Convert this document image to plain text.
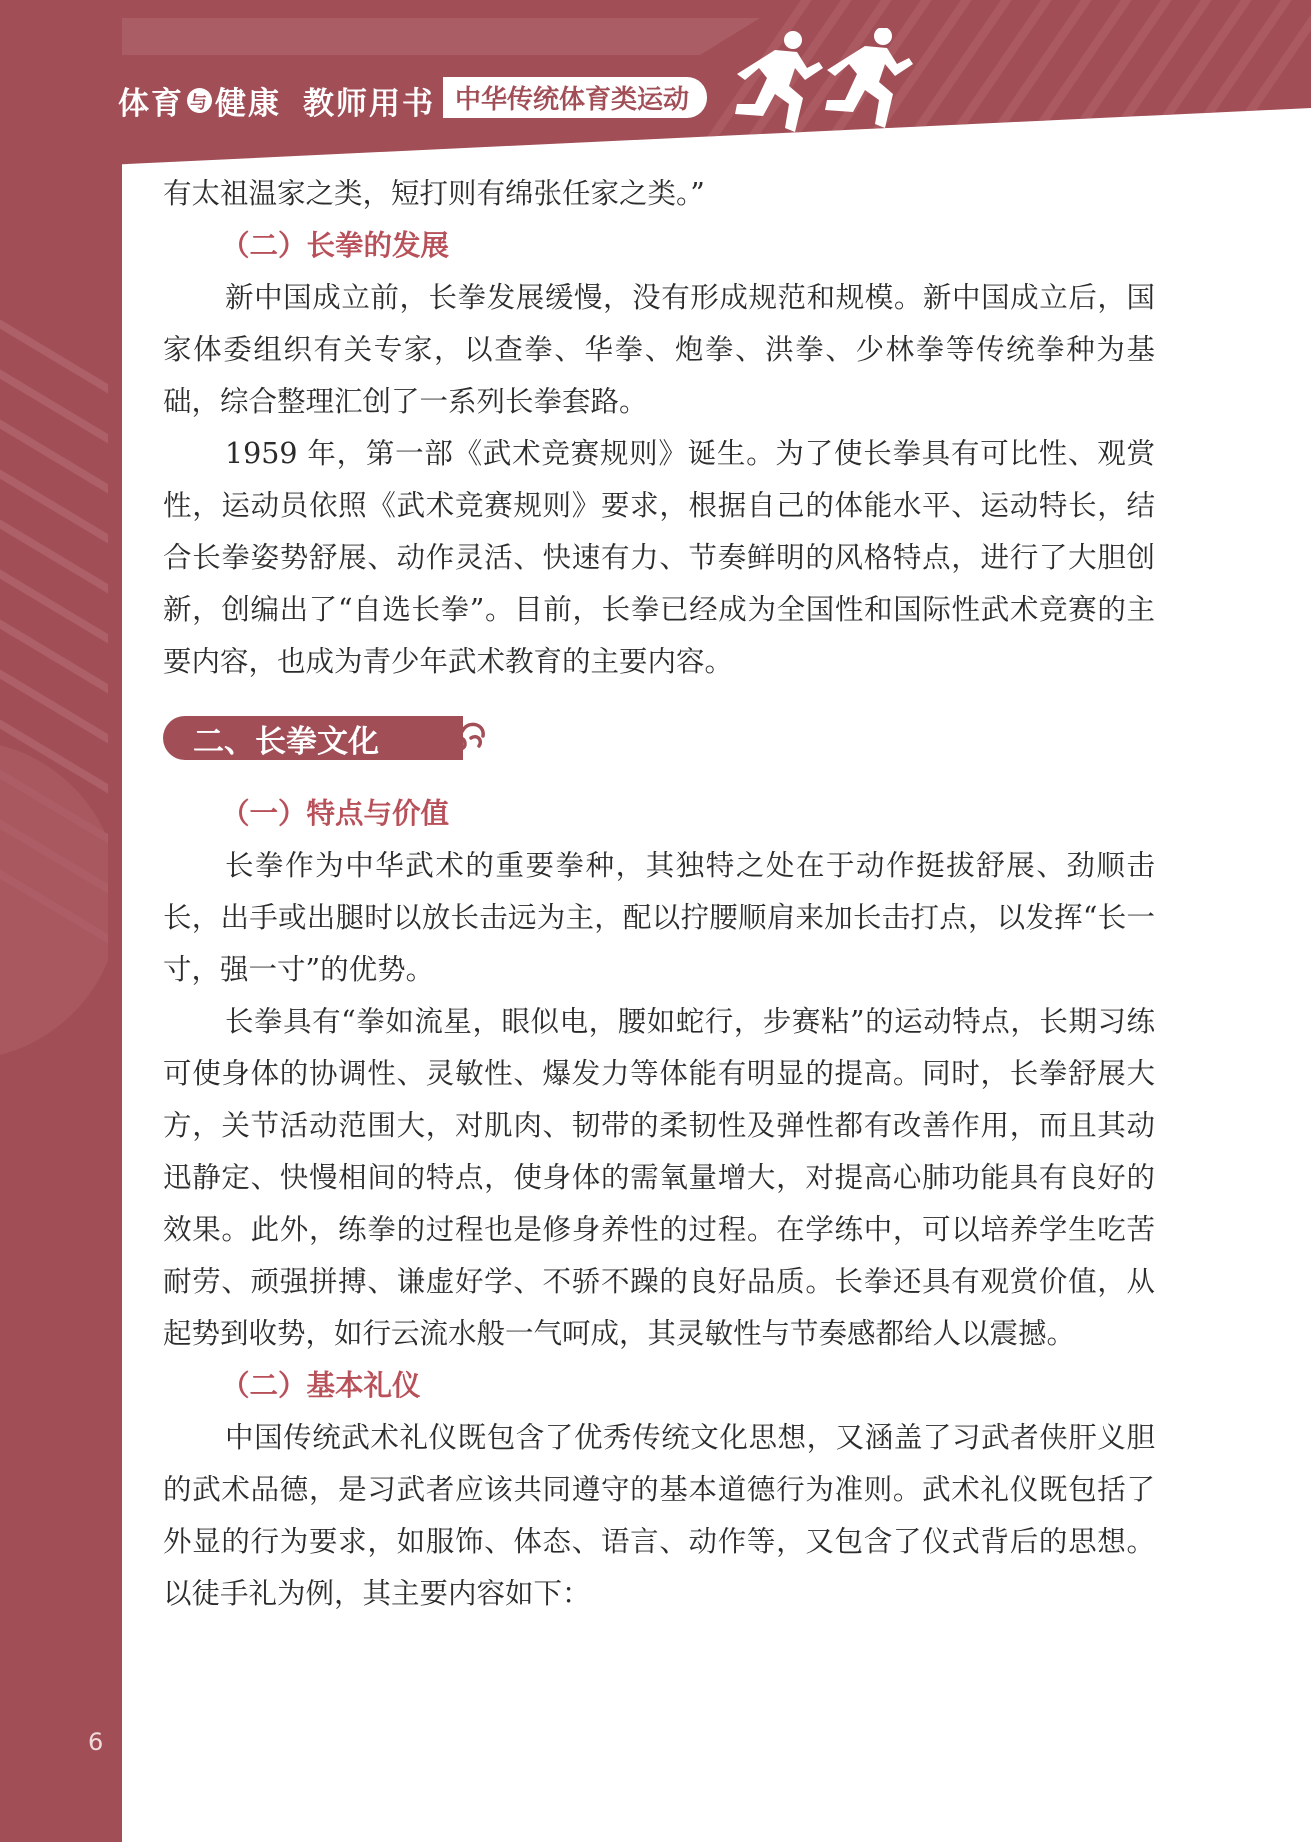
体育 与 健康 教师用书 中华传统体育类运动

有太祖温家之类，短打则有绵张任家之类。”

（二）长拳的发展

新中国成立前，长拳发展缓慢，没有形成规范和规模。新中国成立后，国家体委组织有关专家，以查拳、华拳、炮拳、洪拳、少林拳等传统拳种为基础，综合整理汇创了一系列长拳套路。

1959 年，第一部《武术竞赛规则》诞生。为了使长拳具有可比性、观赏性，运动员依照《武术竞赛规则》要求，根据自己的体能水平、运动特长，结合长拳姿势舒展、动作灵活、快速有力、节奏鲜明的风格特点，进行了大胆创新，创编出了“自选长拳”。目前，长拳已经成为全国性和国际性武术竞赛的主要内容，也成为青少年武术教育的主要内容。

二、长拳文化

（一）特点与价值

长拳作为中华武术的重要拳种，其独特之处在于动作挺拔舒展、劲顺击长，出手或出腿时以放长击远为主，配以拧腰顺肩来加长击打点，以发挥“长一寸，强一寸”的优势。

长拳具有“拳如流星，眼似电，腰如蛇行，步赛粘”的运动特点，长期习练可使身体的协调性、灵敏性、爆发力等体能有明显的提高。同时，长拳舒展大方，关节活动范围大，对肌肉、韧带的柔韧性及弹性都有改善作用，而且其动迅静定、快慢相间的特点，使身体的需氧量增大，对提高心肺功能具有良好的效果。此外，练拳的过程也是修身养性的过程。在学练中，可以培养学生吃苦耐劳、顽强拼搏、谦虚好学、不骄不躁的良好品质。长拳还具有观赏价值，从起势到收势，如行云流水般一气呵成，其灵敏性与节奏感都给人以震撼。

（二）基本礼仪

中国传统武术礼仪既包含了优秀传统文化思想，又涵盖了习武者侠肝义胆的武术品德，是习武者应该共同遵守的基本道德行为准则。武术礼仪既包括了外显的行为要求，如服饰、体态、语言、动作等，又包含了仪式背后的思想。以徒手礼为例，其主要内容如下：

6
